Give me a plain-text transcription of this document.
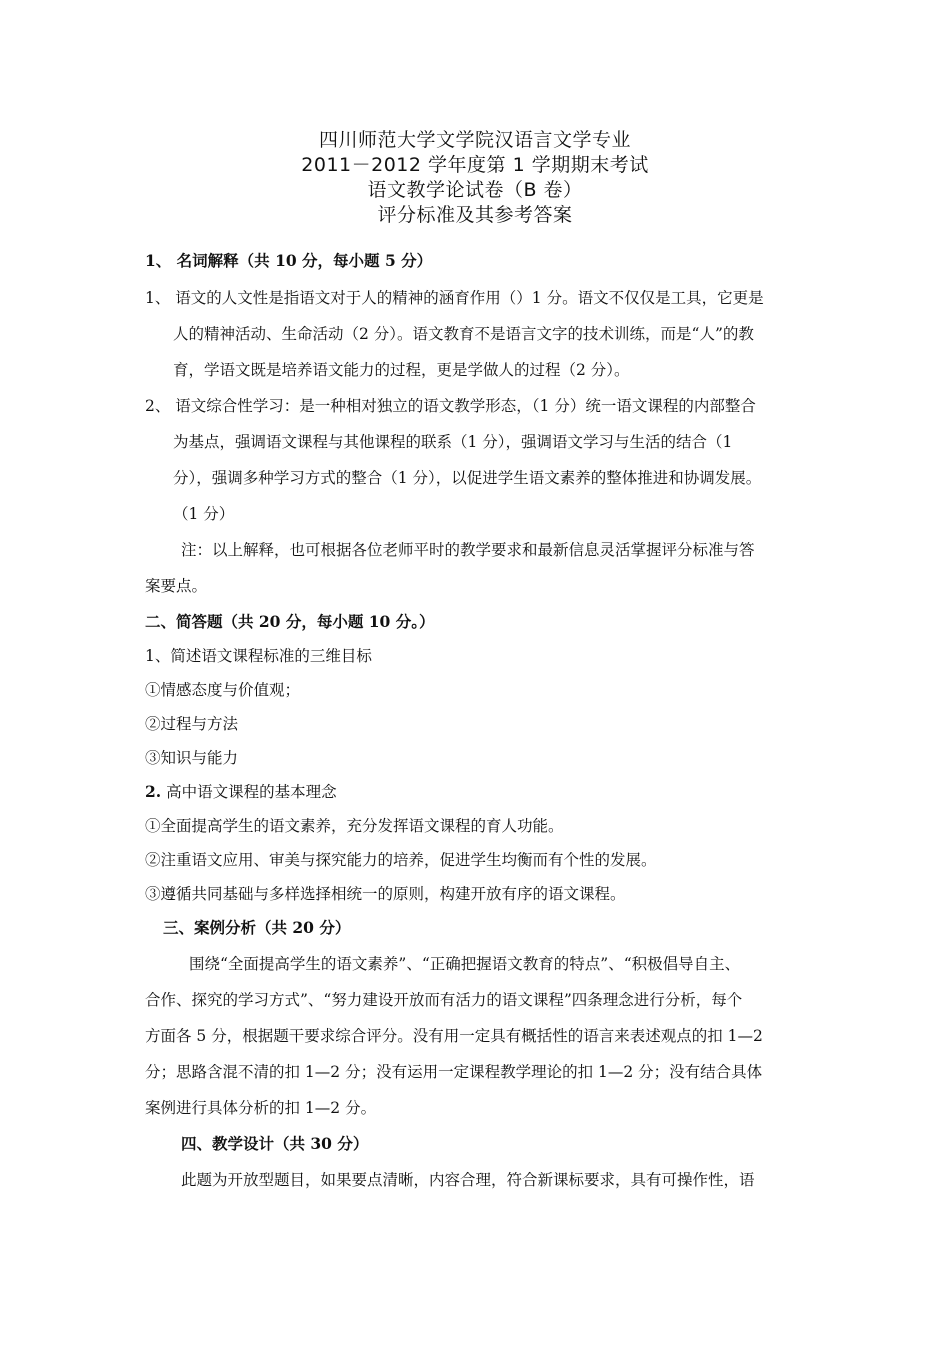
四川师范大学文学院汉语言文学专业
2011－2012 学年度第 1 学期期末考试
语文教学论试卷（B 卷）
评分标准及其参考答案
1、 名词解释（共 10 分，每小题 5 分）
1、 语文的人文性是指语文对于人的精神的涵育作用（）1 分。语文不仅仅是工具，它更是
人的精神活动、生命活动（2 分）。语文教育不是语言文字的技术训练，而是“人”的教
育，学语文既是培养语文能力的过程，更是学做人的过程（2 分）。
2、 语文综合性学习：是一种相对独立的语文教学形态，（1 分）统一语文课程的内部整合
为基点，强调语文课程与其他课程的联系（1 分），强调语文学习与生活的结合（1
分），强调多种学习方式的整合（1 分），以促进学生语文素养的整体推进和协调发展。
（1 分）
注：以上解释，也可根据各位老师平时的教学要求和最新信息灵活掌握评分标准与答
案要点。
二、简答题（共 20 分，每小题 10 分。）
1、简述语文课程标准的三维目标
①情感态度与价值观；
②过程与方法
③知识与能力
2. 高中语文课程的基本理念
①全面提高学生的语文素养，充分发挥语文课程的育人功能。
②注重语文应用、审美与探究能力的培养，促进学生均衡而有个性的发展。
③遵循共同基础与多样选择相统一的原则，构建开放有序的语文课程。
三、案例分析（共 20 分）
围绕“全面提高学生的语文素养”、“正确把握语文教育的特点”、“积极倡导自主、
合作、探究的学习方式”、“努力建设开放而有活力的语文课程”四条理念进行分析，每个
方面各 5 分，根据题干要求综合评分。没有用一定具有概括性的语言来表述观点的扣 1—2
分；思路含混不清的扣 1—2 分；没有运用一定课程教学理论的扣 1—2 分；没有结合具体
案例进行具体分析的扣 1—2 分。
四、教学设计（共 30 分）
此题为开放型题目，如果要点清晰，内容合理，符合新课标要求，具有可操作性，语
